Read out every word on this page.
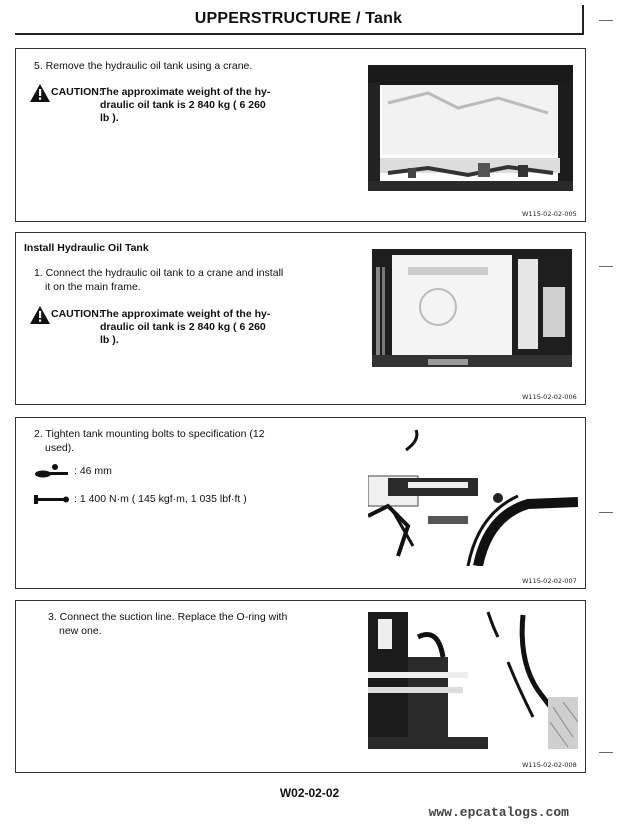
UPPERSTRUCTURE / Tank
5. Remove the hydraulic oil tank using a crane.
CAUTION:
The approximate weight of the hy-
draulic oil tank is 2 840 kg ( 6 260
lb ).
W115-02-02-005
Install Hydraulic Oil Tank
1. Connect the hydraulic oil tank to a crane and install
it on the main frame.
CAUTION:
The approximate weight of the hy-
draulic oil tank is 2 840 kg ( 6 260
lb ).
W115-02-02-006
2. Tighten tank mounting bolts to specification (12
used).
: 46 mm
: 1 400 N·m ( 145 kgf·m, 1 035 lbf·ft )
W115-02-02-007
3. Connect the suction line. Replace the O-ring with
new one.
W115-02-02-008
W02-02-02
www.epcatalogs.com
